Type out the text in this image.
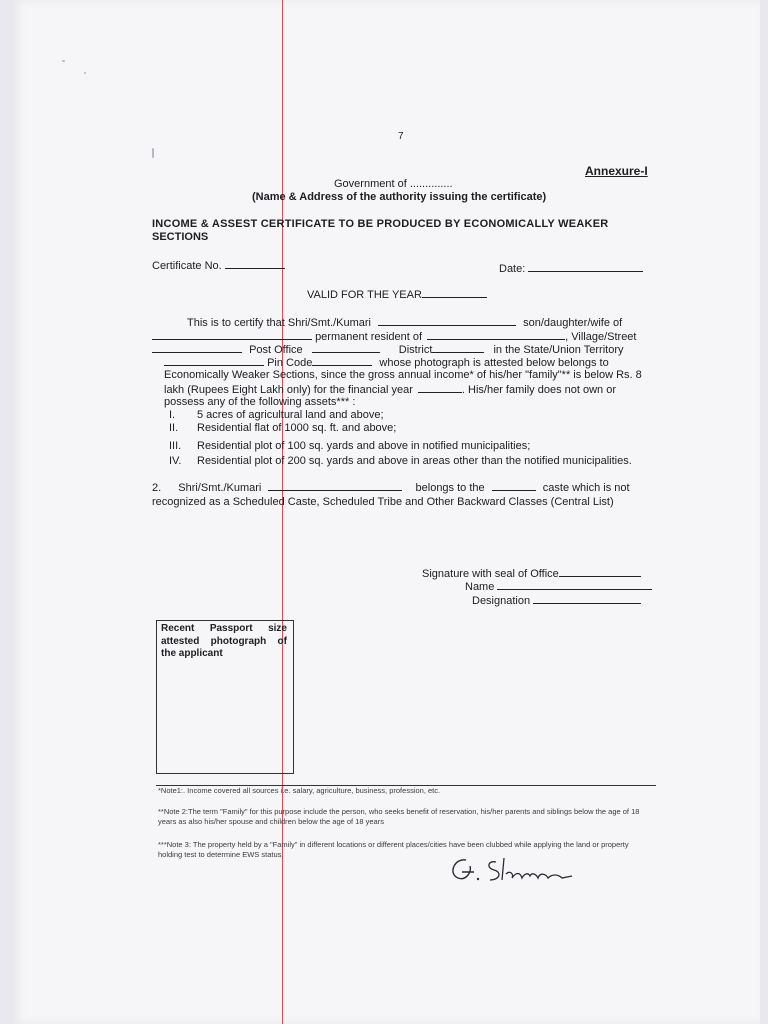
7
Annexure-I
Government of ..............
(Name & Address of the authority issuing the certificate)
INCOME & ASSEST CERTIFICATE TO BE PRODUCED BY ECONOMICALLY WEAKER
SECTIONS
Certificate No.	Date:
VALID FOR THE YEAR
This is to certify that Shri/Smt./Kumari	son/daughter/wife of
permanent resident of	, Village/Street
Post Office	District	in the State/Union Territory
Pin Code	whose photograph is attested below belongs to
Economically Weaker Sections, since the gross annual income* of his/her "family"** is below Rs. 8
lakh (Rupees Eight Lakh only) for the financial year	. His/her family does not own or
possess any of the following assets*** :
I. 5 acres of agricultural land and above;
II. Residential flat of 1000 sq. ft. and above;
III. Residential plot of 100 sq. yards and above in notified municipalities;
IV. Residential plot of 200 sq. yards and above in areas other than the notified municipalities.
2. Shri/Smt./Kumari	belongs to the	caste which is not
recognized as a Scheduled Caste, Scheduled Tribe and Other Backward Classes (Central List)
Signature with seal of Office
Name
Designation
Recent Passport size attested photograph of the applicant
*Note1:. Income covered all sources i.e. salary, agriculture, business, profession, etc.
**Note 2:The term "Family" for this purpose include the person, who seeks benefit of reservation, his/her parents and siblings below the age of 18 years as also his/her spouse and children below the age of 18 years
***Note 3: The property held by a "Family" in different locations or different places/cities have been clubbed while applying the land or property holding test to determine EWS status.
